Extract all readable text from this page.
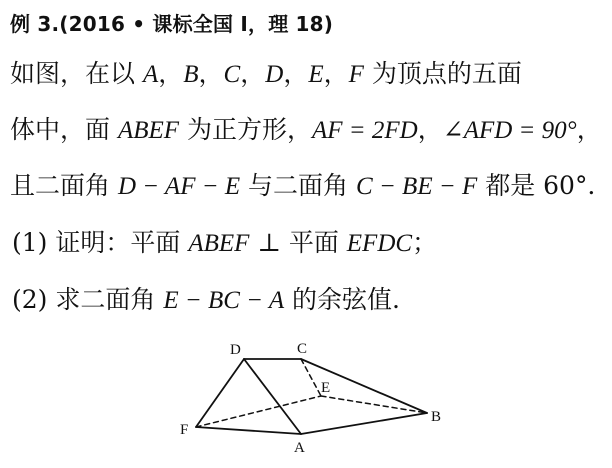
例 3.(2016 • 课标全国 I，理 18)
如图，在以 A，B，C，D，E，F 为顶点的五面
体中，面 ABEF 为正方形，AF = 2FD，∠AFD = 90°，
且二面角 D − AF − E 与二面角 C − BE − F 都是 60°．
(1) 证明：平面 ABEF ⊥ 平面 EFDC；
(2) 求二面角 E − BC − A 的余弦值.
D	C
E
F
A
B
